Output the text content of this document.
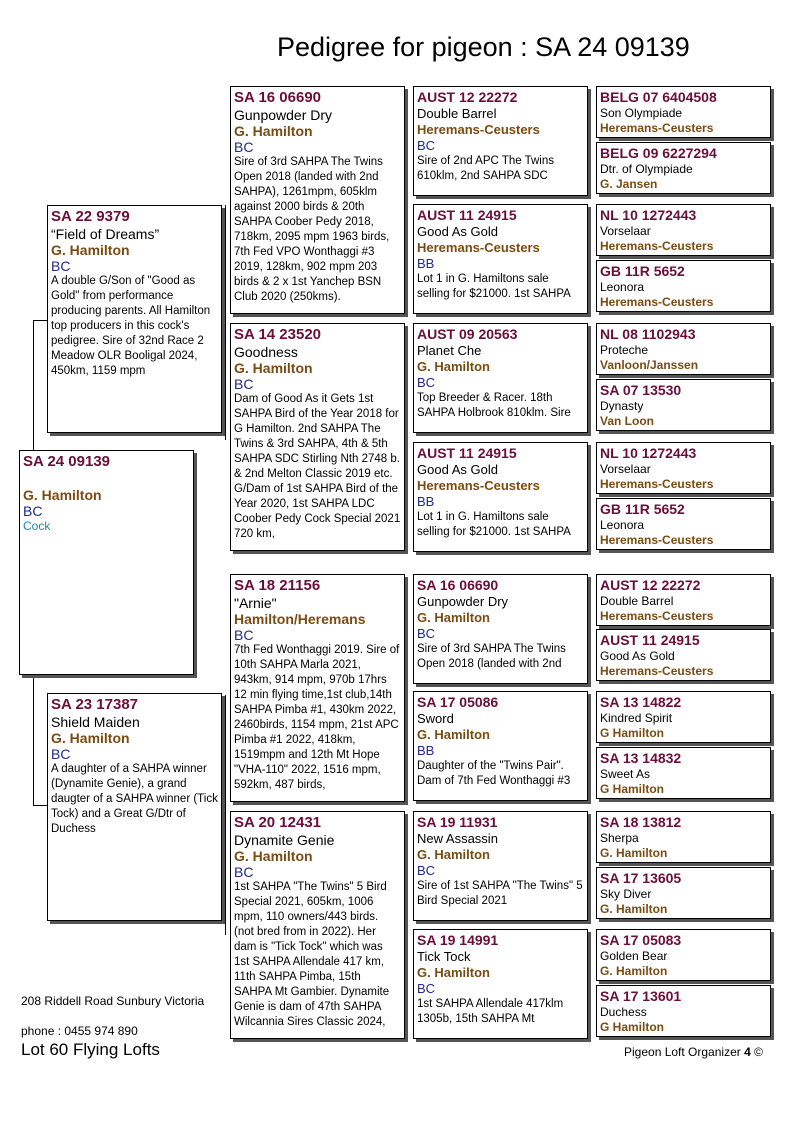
Pedigree for pigeon : SA 24 09139
SA 24 09139
G. Hamilton
BC
Cock
SA 22 9379
“Field of Dreams”
G. Hamilton
BC
A double G/Son of "Good as Gold" from performance producing parents. All Hamilton top producers in this cock's pedigree. Sire of 32nd Race 2 Meadow OLR Booligal 2024, 450km, 1159 mpm
SA 23 17387
Shield Maiden
G. Hamilton
BC
A daughter of a SAHPA winner (Dynamite Genie), a grand daugter of a SAHPA winner (Tick Tock) and a Great G/Dtr of Duchess
SA 16 06690
Gunpowder Dry
G. Hamilton
BC
Sire of 3rd SAHPA The Twins Open 2018 (landed with 2nd SAHPA), 1261mpm, 605klm against 2000 birds & 20th SAHPA Coober Pedy 2018, 718km, 2095 mpm 1963 birds, 7th Fed VPO Wonthaggi #3 2019, 128km, 902 mpm 203 birds & 2 x 1st Yanchep BSN Club 2020 (250kms).
SA 14 23520
Goodness
G. Hamilton
BC
Dam of Good As it Gets 1st SAHPA Bird of the Year 2018 for G Hamilton. 2nd SAHPA The Twins & 3rd SAHPA, 4th & 5th SAHPA SDC Stirling Nth 2748 b. & 2nd Melton Classic 2019 etc. G/Dam of 1st SAHPA Bird of the Year 2020, 1st SAHPA LDC Coober Pedy Cock Special 2021 720 km,
SA 18 21156
"Arnie"
Hamilton/Heremans
BC
7th Fed Wonthaggi 2019. Sire of 10th SAHPA Marla 2021, 943km, 914 mpm, 970b 17hrs 12 min flying time,1st club,14th SAHPA Pimba #1, 430km 2022, 2460birds, 1154 mpm, 21st APC Pimba #1 2022, 418km, 1519mpm and 12th Mt Hope "VHA-110" 2022, 1516 mpm, 592km, 487 birds,
SA 20 12431
Dynamite Genie
G. Hamilton
BC
1st SAHPA "The Twins" 5 Bird Special 2021, 605km, 1006 mpm, 110 owners/443 birds. (not bred from in 2022). Her dam is "Tick Tock" which was 1st SAHPA Allendale 417 km, 11th SAHPA Pimba, 15th SAHPA Mt Gambier. Dynamite Genie is dam of 47th SAHPA Wilcannia Sires Classic 2024,
AUST 12 22272
Double Barrel
Heremans-Ceusters
BC
Sire of 2nd APC The Twins 610klm, 2nd SAHPA SDC
AUST 11 24915
Good As Gold
Heremans-Ceusters
BB
Lot 1 in G. Hamiltons sale selling for $21000. 1st SAHPA
AUST 09 20563
Planet Che
G. Hamilton
BC
Top Breeder & Racer. 18th SAHPA Holbrook 810klm. Sire
AUST 11 24915
Good As Gold
Heremans-Ceusters
BB
Lot 1 in G. Hamiltons sale selling for $21000. 1st SAHPA
SA 16 06690
Gunpowder Dry
G. Hamilton
BC
Sire of 3rd SAHPA The Twins Open 2018 (landed with 2nd
SA 17 05086
Sword
G. Hamilton
BB
Daughter of the "Twins Pair". Dam of 7th Fed Wonthaggi #3
SA 19 11931
New Assassin
G. Hamilton
BC
Sire of 1st SAHPA "The Twins" 5 Bird Special 2021
SA 19 14991
Tick Tock
G. Hamilton
BC
1st SAHPA Allendale 417klm 1305b, 15th SAHPA Mt
BELG 07 6404508
Son Olympiade
Heremans-Ceusters
BELG 09 6227294
Dtr. of Olympiade
G. Jansen
NL 10 1272443
Vorselaar
Heremans-Ceusters
GB 11R 5652
Leonora
Heremans-Ceusters
NL 08 1102943
Proteche
Vanloon/Janssen
SA 07 13530
Dynasty
Van Loon
NL 10 1272443
Vorselaar
Heremans-Ceusters
GB 11R 5652
Leonora
Heremans-Ceusters
AUST 12 22272
Double Barrel
Heremans-Ceusters
AUST 11 24915
Good As Gold
Heremans-Ceusters
SA 13 14822
Kindred Spirit
G Hamilton
SA 13 14832
Sweet As
G Hamilton
SA 18 13812
Sherpa
G. Hamilton
SA 17 13605
Sky Diver
G. Hamilton
SA 17 05083
Golden Bear
G. Hamilton
SA 17 13601
Duchess
G Hamilton
208 Riddell Road Sunbury Victoria
phone : 0455 974 890
Lot 60 Flying Lofts	Pigeon Loft Organizer 4 ©
